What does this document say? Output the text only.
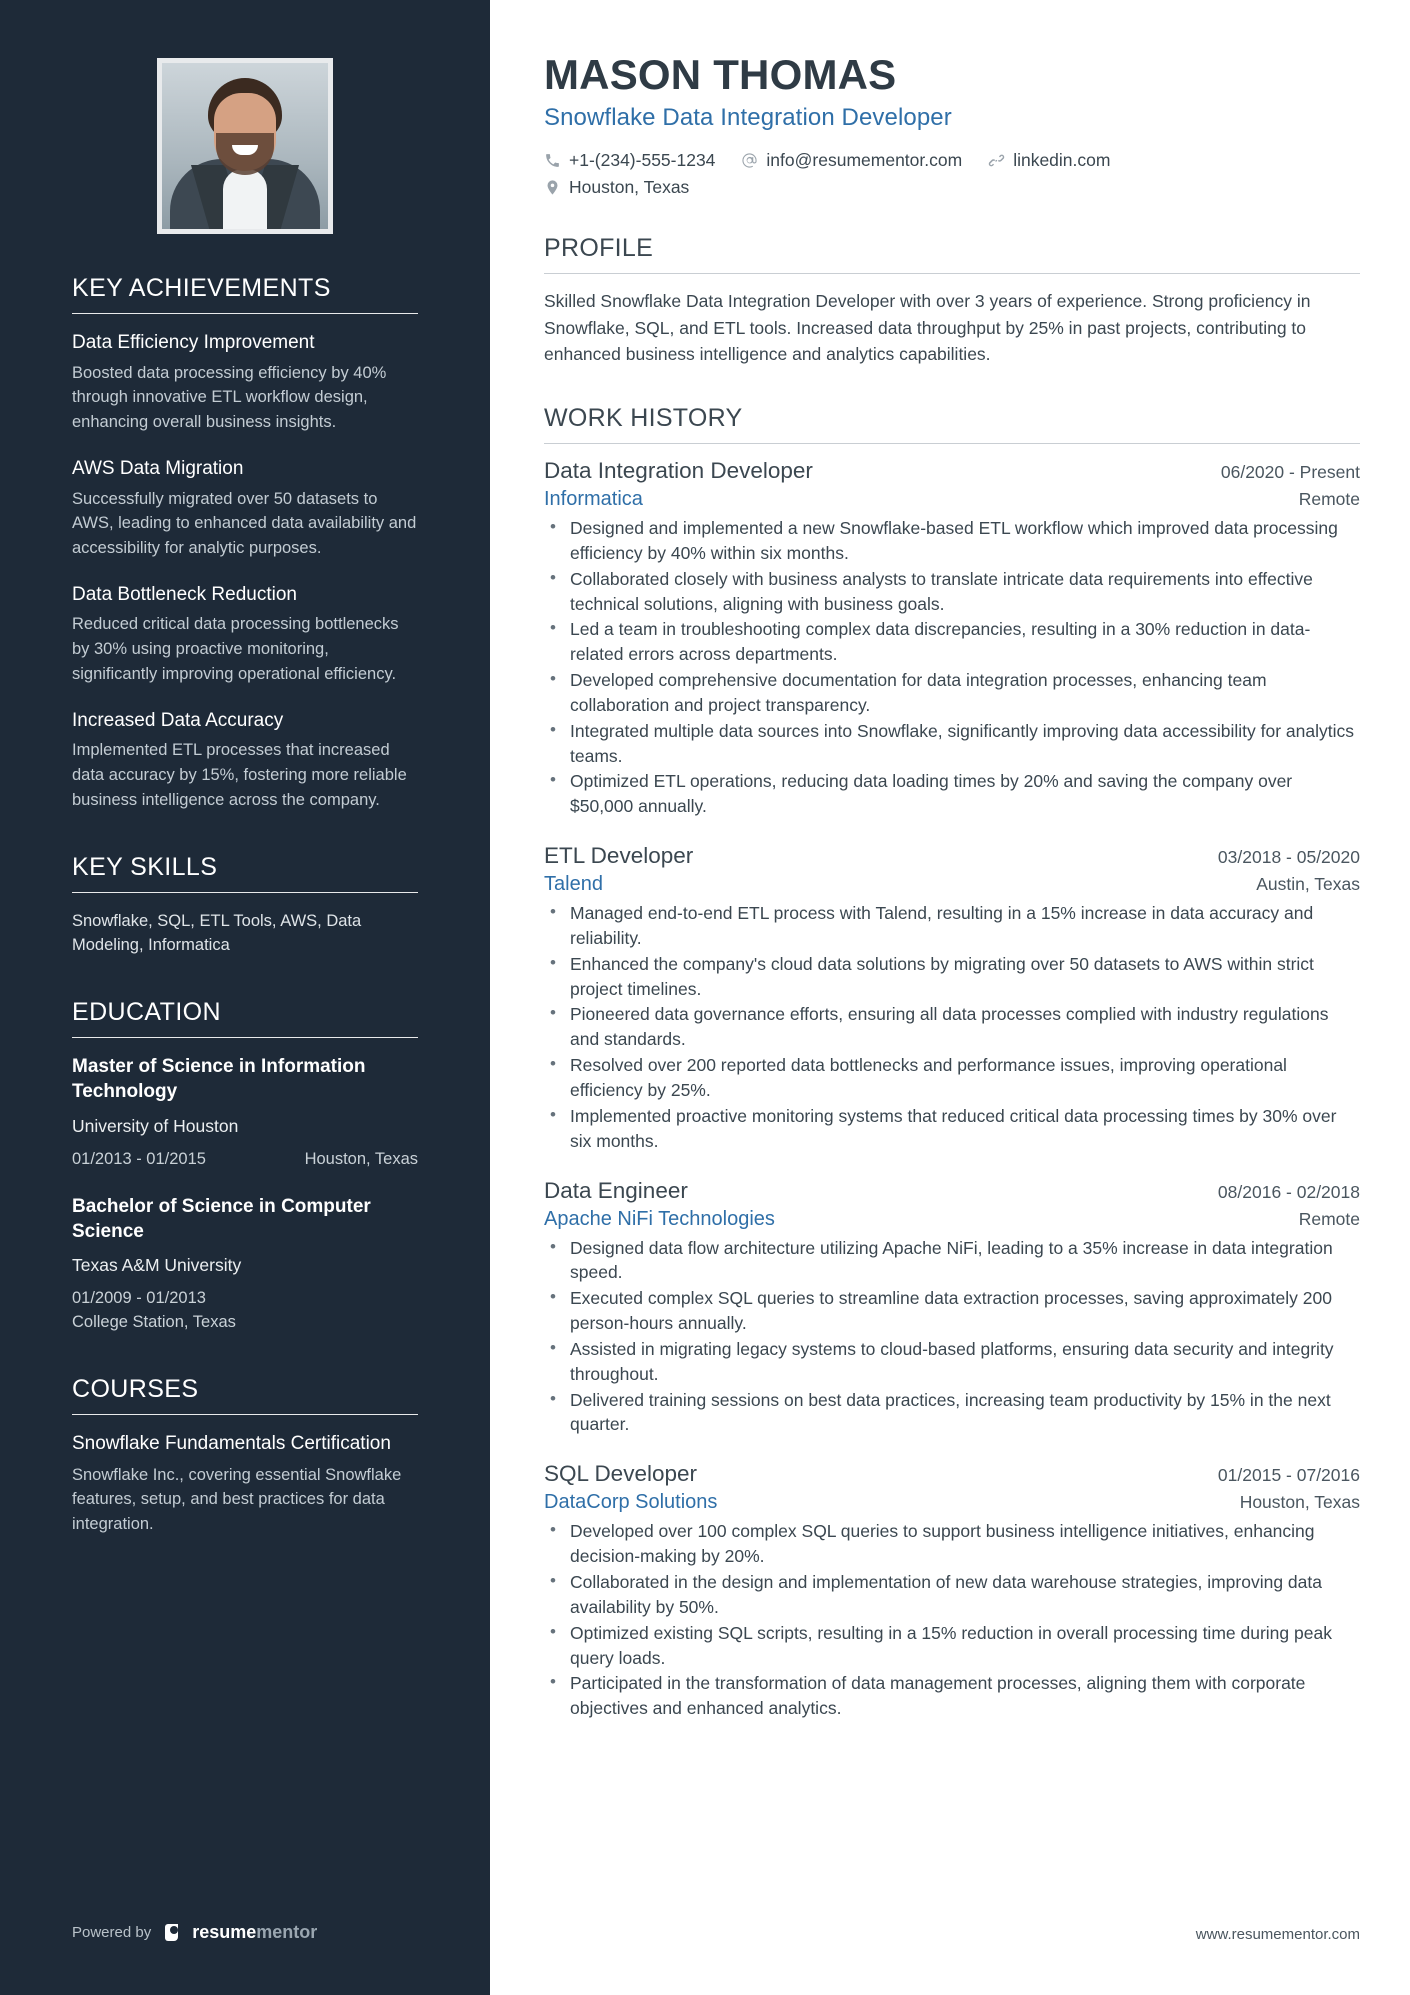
KEY ACHIEVEMENTS
Data Efficiency Improvement
Boosted data processing efficiency by 40% through innovative ETL workflow design, enhancing overall business insights.
AWS Data Migration
Successfully migrated over 50 datasets to AWS, leading to enhanced data availability and accessibility for analytic purposes.
Data Bottleneck Reduction
Reduced critical data processing bottlenecks by 30% using proactive monitoring, significantly improving operational efficiency.
Increased Data Accuracy
Implemented ETL processes that increased data accuracy by 15%, fostering more reliable business intelligence across the company.
KEY SKILLS
Snowflake, SQL, ETL Tools, AWS, Data Modeling, Informatica
EDUCATION
Master of Science in Information Technology
University of Houston
01/2013 - 01/2015	Houston, Texas
Bachelor of Science in Computer Science
Texas A&M University
01/2009 - 01/2013
College Station, Texas
COURSES
Snowflake Fundamentals Certification
Snowflake Inc., covering essential Snowflake features, setup, and best practices for data integration.
Powered by resumementor
MASON THOMAS
Snowflake Data Integration Developer
+1-(234)-555-1234	info@resumementor.com	linkedin.com
Houston, Texas
PROFILE

Skilled Snowflake Data Integration Developer with over 3 years of experience. Strong proficiency in Snowflake, SQL, and ETL tools. Increased data throughput by 25% in past projects, contributing to enhanced business intelligence and analytics capabilities.

WORK HISTORY
Data Integration Developer	06/2020 - Present
Informatica	Remote
• Designed and implemented a new Snowflake-based ETL workflow which improved data processing efficiency by 40% within six months.
• Collaborated closely with business analysts to translate intricate data requirements into effective technical solutions, aligning with business goals.
• Led a team in troubleshooting complex data discrepancies, resulting in a 30% reduction in data-related errors across departments.
• Developed comprehensive documentation for data integration processes, enhancing team collaboration and project transparency.
• Integrated multiple data sources into Snowflake, significantly improving data accessibility for analytics teams.
• Optimized ETL operations, reducing data loading times by 20% and saving the company over $50,000 annually.
ETL Developer	03/2018 - 05/2020
Talend	Austin, Texas
• Managed end-to-end ETL process with Talend, resulting in a 15% increase in data accuracy and reliability.
• Enhanced the company's cloud data solutions by migrating over 50 datasets to AWS within strict project timelines.
• Pioneered data governance efforts, ensuring all data processes complied with industry regulations and standards.
• Resolved over 200 reported data bottlenecks and performance issues, improving operational efficiency by 25%.
• Implemented proactive monitoring systems that reduced critical data processing times by 30% over six months.
Data Engineer	08/2016 - 02/2018
Apache NiFi Technologies	Remote
• Designed data flow architecture utilizing Apache NiFi, leading to a 35% increase in data integration speed.
• Executed complex SQL queries to streamline data extraction processes, saving approximately 200 person-hours annually.
• Assisted in migrating legacy systems to cloud-based platforms, ensuring data security and integrity throughout.
• Delivered training sessions on best data practices, increasing team productivity by 15% in the next quarter.
SQL Developer	01/2015 - 07/2016
DataCorp Solutions	Houston, Texas
• Developed over 100 complex SQL queries to support business intelligence initiatives, enhancing decision-making by 20%.
• Collaborated in the design and implementation of new data warehouse strategies, improving data availability by 50%.
• Optimized existing SQL scripts, resulting in a 15% reduction in overall processing time during peak query loads.
• Participated in the transformation of data management processes, aligning them with corporate objectives and enhanced analytics.
www.resumementor.com
